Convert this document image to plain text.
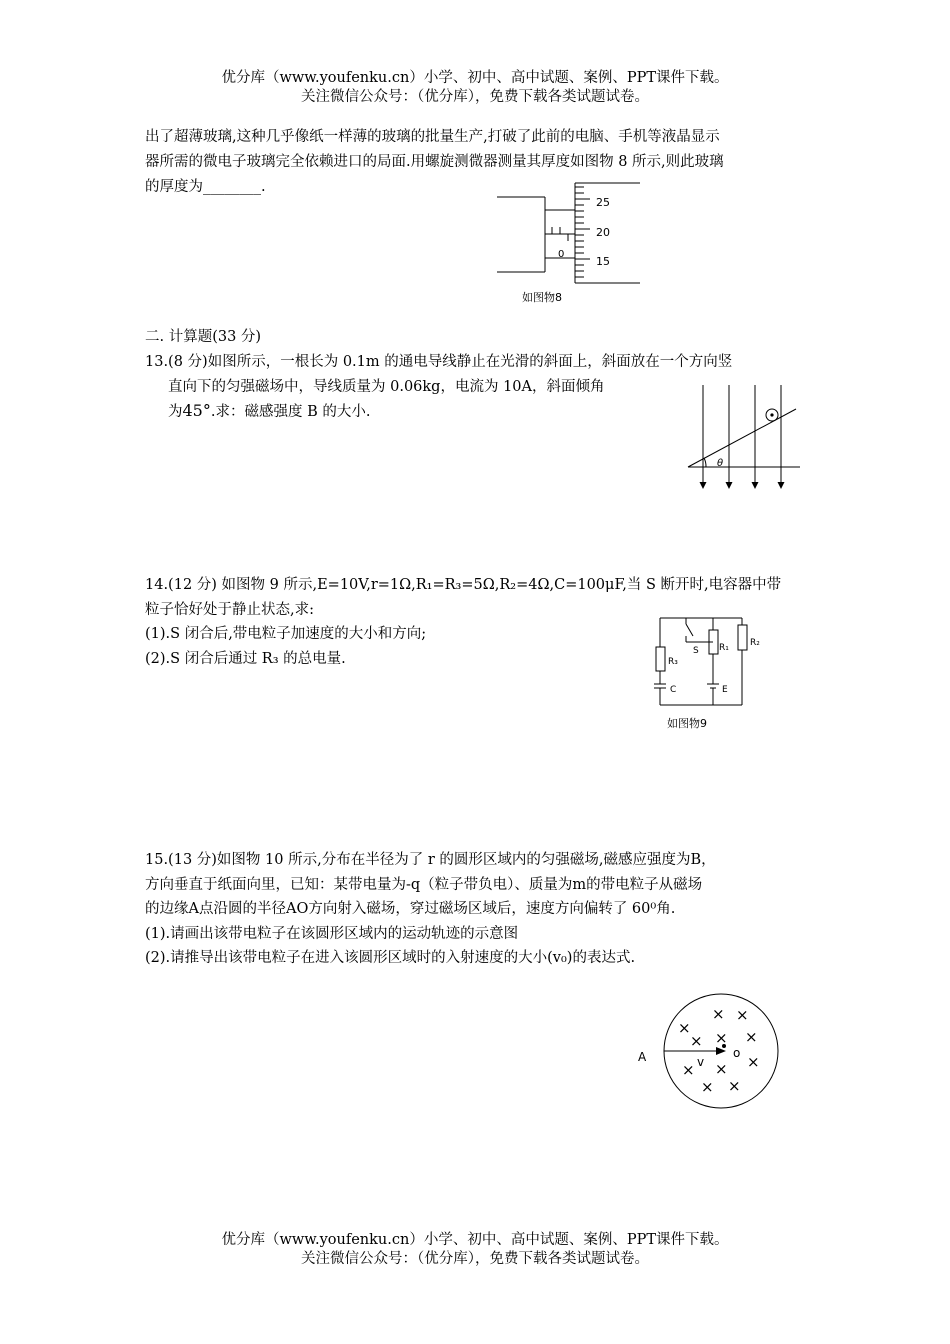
优分库（www.youfenku.cn）小学、初中、高中试题、案例、PPT课件下载。
关注微信公众号：（优分库），免费下载各类试题试卷。
出了超薄玻璃,这种几乎像纸一样薄的玻璃的批量生产,打破了此前的电脑、手机等液晶显示
器所需的微电子玻璃完全依赖进口的局面.用螺旋测微器测量其厚度如图物 8 所示,则此玻璃
的厚度为________.
25
20
15
0
如图物8
二. 计算题(33 分)
13.(8 分)如图所示，一根长为 0.1m 的通电导线静止在光滑的斜面上，斜面放在一个方向竖
直向下的匀强磁场中，导线质量为 0.06kg，电流为 10A，斜面倾角
为45°.求：磁感强度 B 的大小.
θ
14.(12 分) 如图物 9 所示,E=10V,r=1Ω,R₁=R₃=5Ω,R₂=4Ω,C=100μF,当 S 断开时,电容器中带
粒子恰好处于静止状态,求:
(1).S 闭合后,带电粒子加速度的大小和方向;
(2).S 闭合后通过 R₃ 的总电量.	R₃
S R₁ R₂
C	E
如图物9
15.(13 分)如图物 10 所示,分布在半径为了 r 的圆形区域内的匀强磁场,磁感应强度为B，
方向垂直于纸面向里，已知：某带电量为-q（粒子带负电）、质量为m的带电粒子从磁场
的边缘A点沿圆的半径AO方向射入磁场，穿过磁场区域后，速度方向偏转了 60⁰角.
(1).请画出该带电粒子在该圆形区域内的运动轨迹的示意图
(2).请推导出该带电粒子在进入该圆形区域时的入射速度的大小(v₀)的表达式.
×
× ×
× × ×
× × ×
× ×
A	v
o
优分库（www.youfenku.cn）小学、初中、高中试题、案例、PPT课件下载。
关注微信公众号：（优分库），免费下载各类试题试卷。
